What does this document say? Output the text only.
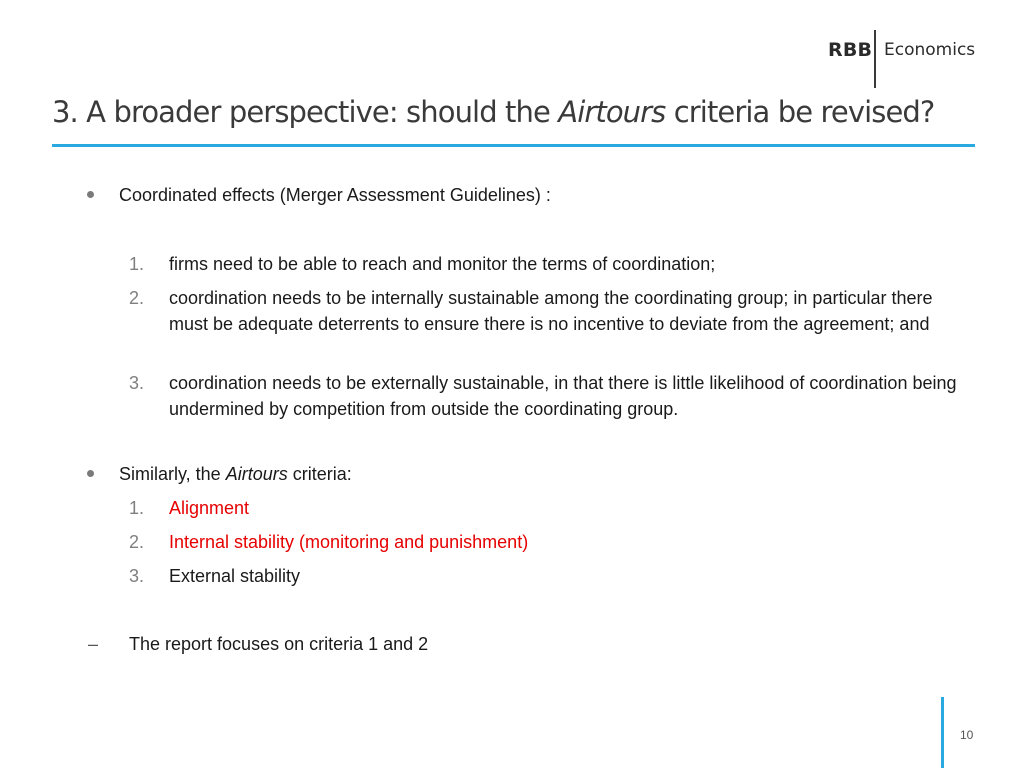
RBB Economics
3. A broader perspective: should the Airtours criteria be revised?
Coordinated effects (Merger Assessment Guidelines) :
1. firms need to be able to reach and monitor the terms of coordination;
2. coordination needs to be internally sustainable among the coordinating group; in particular there must be adequate deterrents to ensure there is no incentive to deviate from the agreement; and
3. coordination needs to be externally sustainable, in that there is little likelihood of coordination being undermined by competition from outside the coordinating group.
Similarly, the Airtours criteria:
1. Alignment
2. Internal stability (monitoring and punishment)
3. External stability
– The report focuses on criteria 1 and 2
10
